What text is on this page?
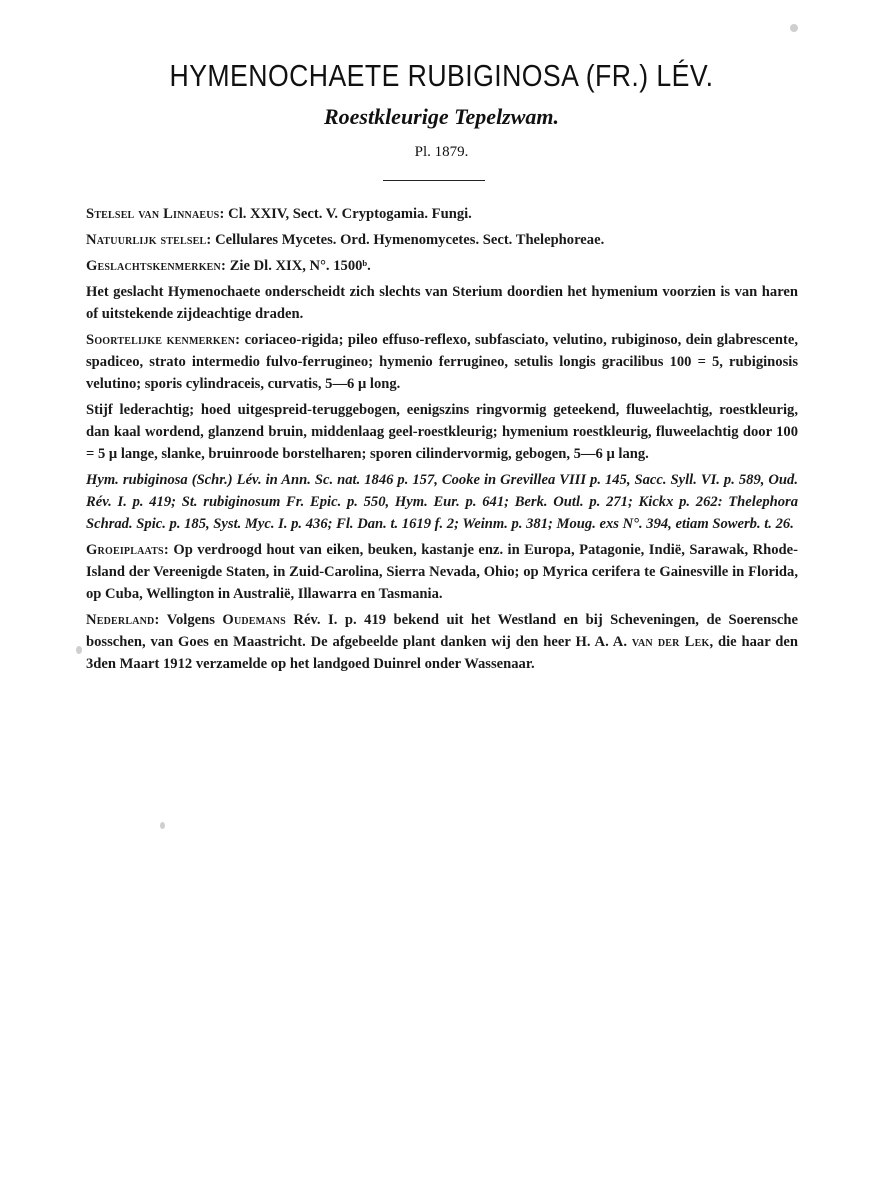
HYMENOCHAETE RUBIGINOSA (FR.) LÉV.
Roestkleurige Tepelzwam.
Pl. 1879.

Stelsel van Linnaeus: Cl. XXIV, Sect. V. Cryptogamia. Fungi.

Natuurlijk stelsel: Cellulares Mycetes. Ord. Hymenomycetes. Sect. Thelephoreae.

Geslachtskenmerken: Zie Dl. XIX, N°. 1500ᵇ.

Het geslacht Hymenochaete onderscheidt zich slechts van Sterium doordien het hymenium voorzien is van haren of uitstekende zijdeachtige draden.

Soortelijke kenmerken: coriaceo-rigida; pileo effuso-reflexo, subfasciato, velutino, rubiginoso, dein glabrescente, spadiceo, strato intermedio fulvo-ferrugineo; hymenio ferrugineo, setulis longis gracilibus 100 = 5, rubiginosis velutino; sporis cylindraceis, curvatis, 5—6 μ long.

Stijf lederachtig; hoed uitgespreid-teruggebogen, eenigszins ringvormig geteekend, fluweelachtig, roestkleurig, dan kaal wordend, glanzend bruin, middenlaag geel-roestkleurig; hymenium roestkleurig, fluweelachtig door 100 = 5 μ lange, slanke, bruinroode borstelharen; sporen cilindervormig, gebogen, 5—6 μ lang.

Hym. rubiginosa (Schr.) Lév. in Ann. Sc. nat. 1846 p. 157, Cooke in Grevillea VIII p. 145, Sacc. Syll. VI. p. 589, Oud. Rév. I. p. 419; St. rubiginosum Fr. Epic. p. 550, Hym. Eur. p. 641; Berk. Outl. p. 271; Kickx p. 262: Thelephora Schrad. Spic. p. 185, Syst. Myc. I. p. 436; Fl. Dan. t. 1619 f. 2; Weinm. p. 381; Moug. exs N°. 394, etiam Sowerb. t. 26.

Groeiplaats: Op verdroogd hout van eiken, beuken, kastanje enz. in Europa, Patagonie, Indië, Sarawak, Rhode-Island der Vereenigde Staten, in Zuid-Carolina, Sierra Nevada, Ohio; op Myrica cerifera te Gainesville in Florida, op Cuba, Wellington in Australië, Illawarra en Tasmania.

Nederland: Volgens Oudemans Rév. I. p. 419 bekend uit het Westland en bij Scheveningen, de Soerensche bosschen, van Goes en Maastricht. De afgebeelde plant danken wij den heer H. A. A. van der Lek, die haar den 3den Maart 1912 verzamelde op het landgoed Duinrel onder Wassenaar.
